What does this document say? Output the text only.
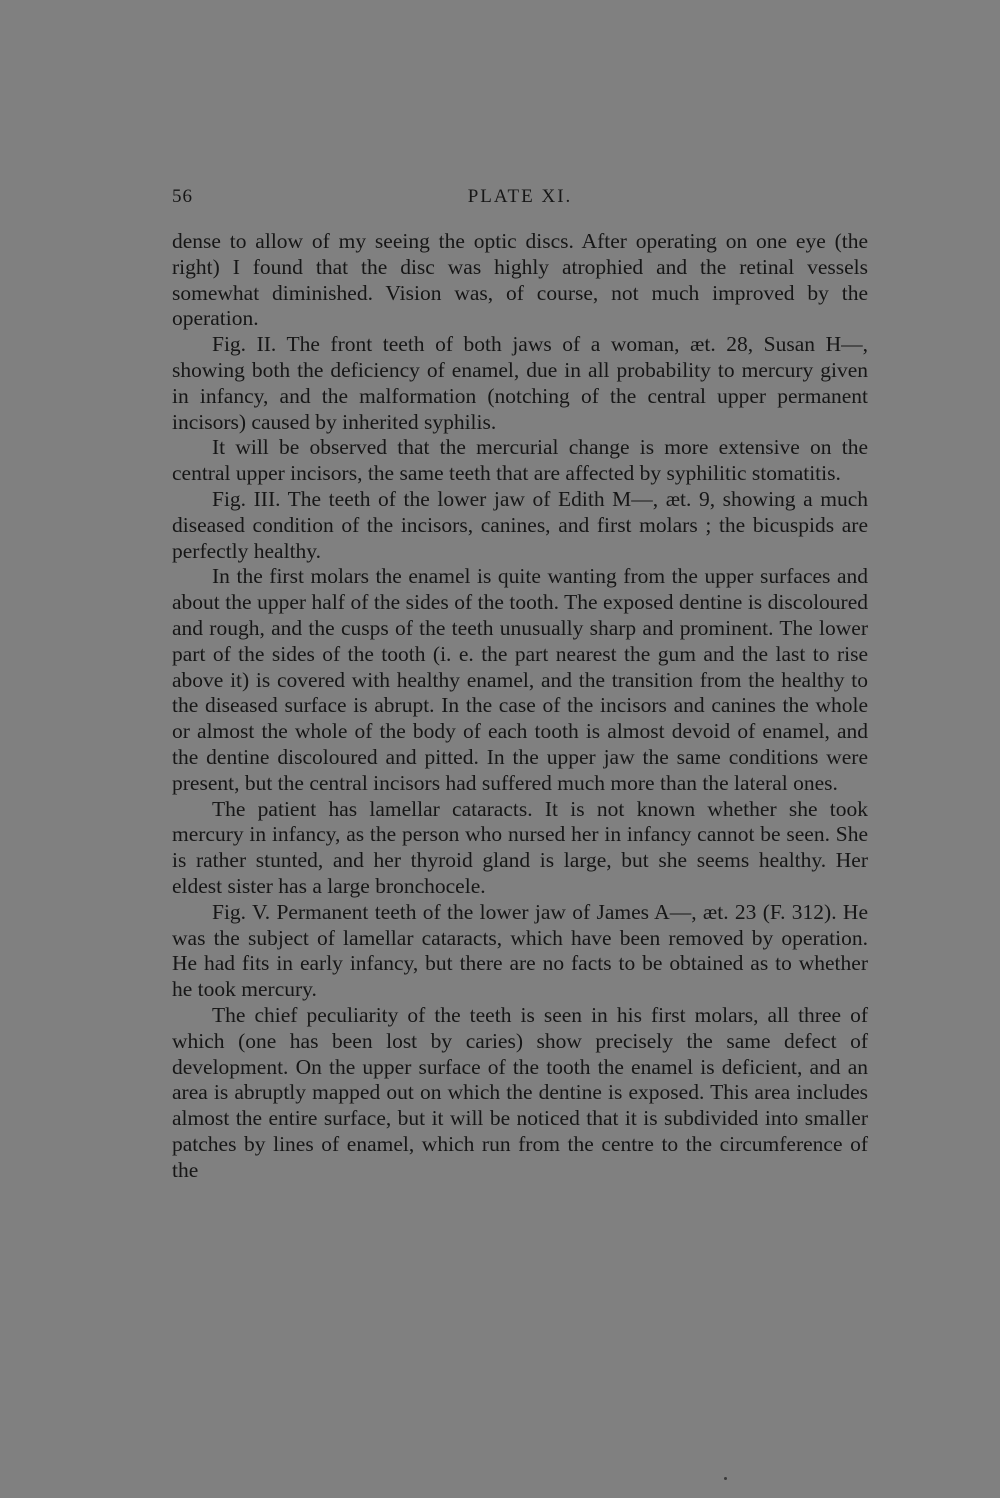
56	PLATE XI.

dense to allow of my seeing the optic discs. After operating on one eye (the right) I found that the disc was highly atrophied and the retinal vessels somewhat diminished. Vision was, of course, not much improved by the operation.

Fig. II. The front teeth of both jaws of a woman, æt. 28, Susan H—, showing both the deficiency of enamel, due in all probability to mercury given in infancy, and the malformation (notching of the central upper permanent incisors) caused by inherited syphilis.

It will be observed that the mercurial change is more extensive on the central upper incisors, the same teeth that are affected by syphilitic stomatitis.

Fig. III. The teeth of the lower jaw of Edith M—, æt. 9, showing a much diseased condition of the incisors, canines, and first molars ; the bicuspids are perfectly healthy.

In the first molars the enamel is quite wanting from the upper surfaces and about the upper half of the sides of the tooth. The exposed dentine is discoloured and rough, and the cusps of the teeth unusually sharp and prominent. The lower part of the sides of the tooth (i. e. the part nearest the gum and the last to rise above it) is covered with healthy enamel, and the transition from the healthy to the diseased surface is abrupt. In the case of the incisors and canines the whole or almost the whole of the body of each tooth is almost devoid of enamel, and the dentine discoloured and pitted. In the upper jaw the same conditions were present, but the central incisors had suffered much more than the lateral ones.

The patient has lamellar cataracts. It is not known whether she took mercury in infancy, as the person who nursed her in infancy cannot be seen. She is rather stunted, and her thyroid gland is large, but she seems healthy. Her eldest sister has a large bronchocele.

Fig. V. Permanent teeth of the lower jaw of James A—, æt. 23 (F. 312). He was the subject of lamellar cataracts, which have been removed by operation. He had fits in early infancy, but there are no facts to be obtained as to whether he took mercury.

The chief peculiarity of the teeth is seen in his first molars, all three of which (one has been lost by caries) show precisely the same defect of development. On the upper surface of the tooth the enamel is deficient, and an area is abruptly mapped out on which the dentine is exposed. This area includes almost the entire surface, but it will be noticed that it is subdivided into smaller patches by lines of enamel, which run from the centre to the circumference of the
